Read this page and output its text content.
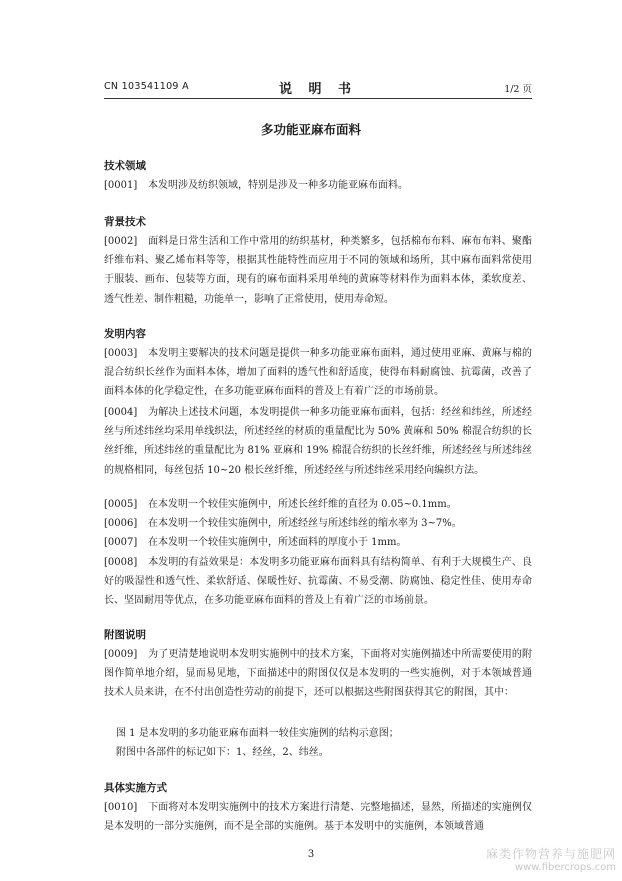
CN 103541109 A	说 明 书	1/2 页
多功能亚麻布面料
技术领域
[0001] 本发明涉及纺织领域，特别是涉及一种多功能亚麻布面料。
背景技术
[0002] 面料是日常生活和工作中常用的纺织基材，种类繁多，包括棉布布料、麻布布料、聚酯纤维布料、聚乙烯布料等等，根据其性能特性而应用于不同的领域和场所，其中麻布面料常使用于服装、画布、包装等方面，现有的麻布面料采用单纯的黄麻等材料作为面料本体，柔软度差、透气性差、制作粗糙，功能单一，影响了正常使用，使用寿命短。
发明内容
[0003] 本发明主要解决的技术问题是提供一种多功能亚麻布面料，通过使用亚麻、黄麻与棉的混合纺织长丝作为面料本体，增加了面料的透气性和舒适度，使得布料耐腐蚀、抗霉菌，改善了面料本体的化学稳定性，在多功能亚麻布面料的普及上有着广泛的市场前景。
[0004] 为解决上述技术问题，本发明提供一种多功能亚麻布面料，包括：经丝和纬丝，所述经丝与所述纬丝均采用单线织法，所述经丝的材质的重量配比为 50% 黄麻和 50% 棉混合纺织的长丝纤维，所述纬丝的重量配比为 81% 亚麻和 19% 棉混合纺织的长丝纤维，所述经丝与所述纬丝的规格相同，每丝包括 10~20 根长丝纤维，所述经丝与所述纬丝采用经向编织方法。
[0005] 在本发明一个较佳实施例中，所述长丝纤维的直径为 0.05~0.1mm。
[0006] 在本发明一个较佳实施例中，所述经丝与所述纬丝的缩水率为 3~7%。
[0007] 在本发明一个较佳实施例中，所述面料的厚度小于 1mm。
[0008] 本发明的有益效果是：本发明多功能亚麻布面料具有结构简单、有利于大规模生产、良好的吸湿性和透气性、柔软舒适、保暖性好、抗霉菌、不易受潮、防腐蚀、稳定性佳、使用寿命长、坚固耐用等优点，在多功能亚麻布面料的普及上有着广泛的市场前景。
附图说明
[0009] 为了更清楚地说明本发明实施例中的技术方案，下面将对实施例描述中所需要使用的附图作简单地介绍，显而易见地，下面描述中的附图仅仅是本发明的一些实施例，对于本领域普通技术人员来讲，在不付出创造性劳动的前提下，还可以根据这些附图获得其它的附图，其中：
图 1 是本发明的多功能亚麻布面料一较佳实施例的结构示意图；
附图中各部件的标记如下：1、经丝，2、纬丝。
具体实施方式
[0010] 下面将对本发明实施例中的技术方案进行清楚、完整地描述，显然，所描述的实施例仅是本发明的一部分实施例，而不是全部的实施例。基于本发明中的实施例，本领域普通
3	麻类作物营养与施肥网
www.fibercrops.com
